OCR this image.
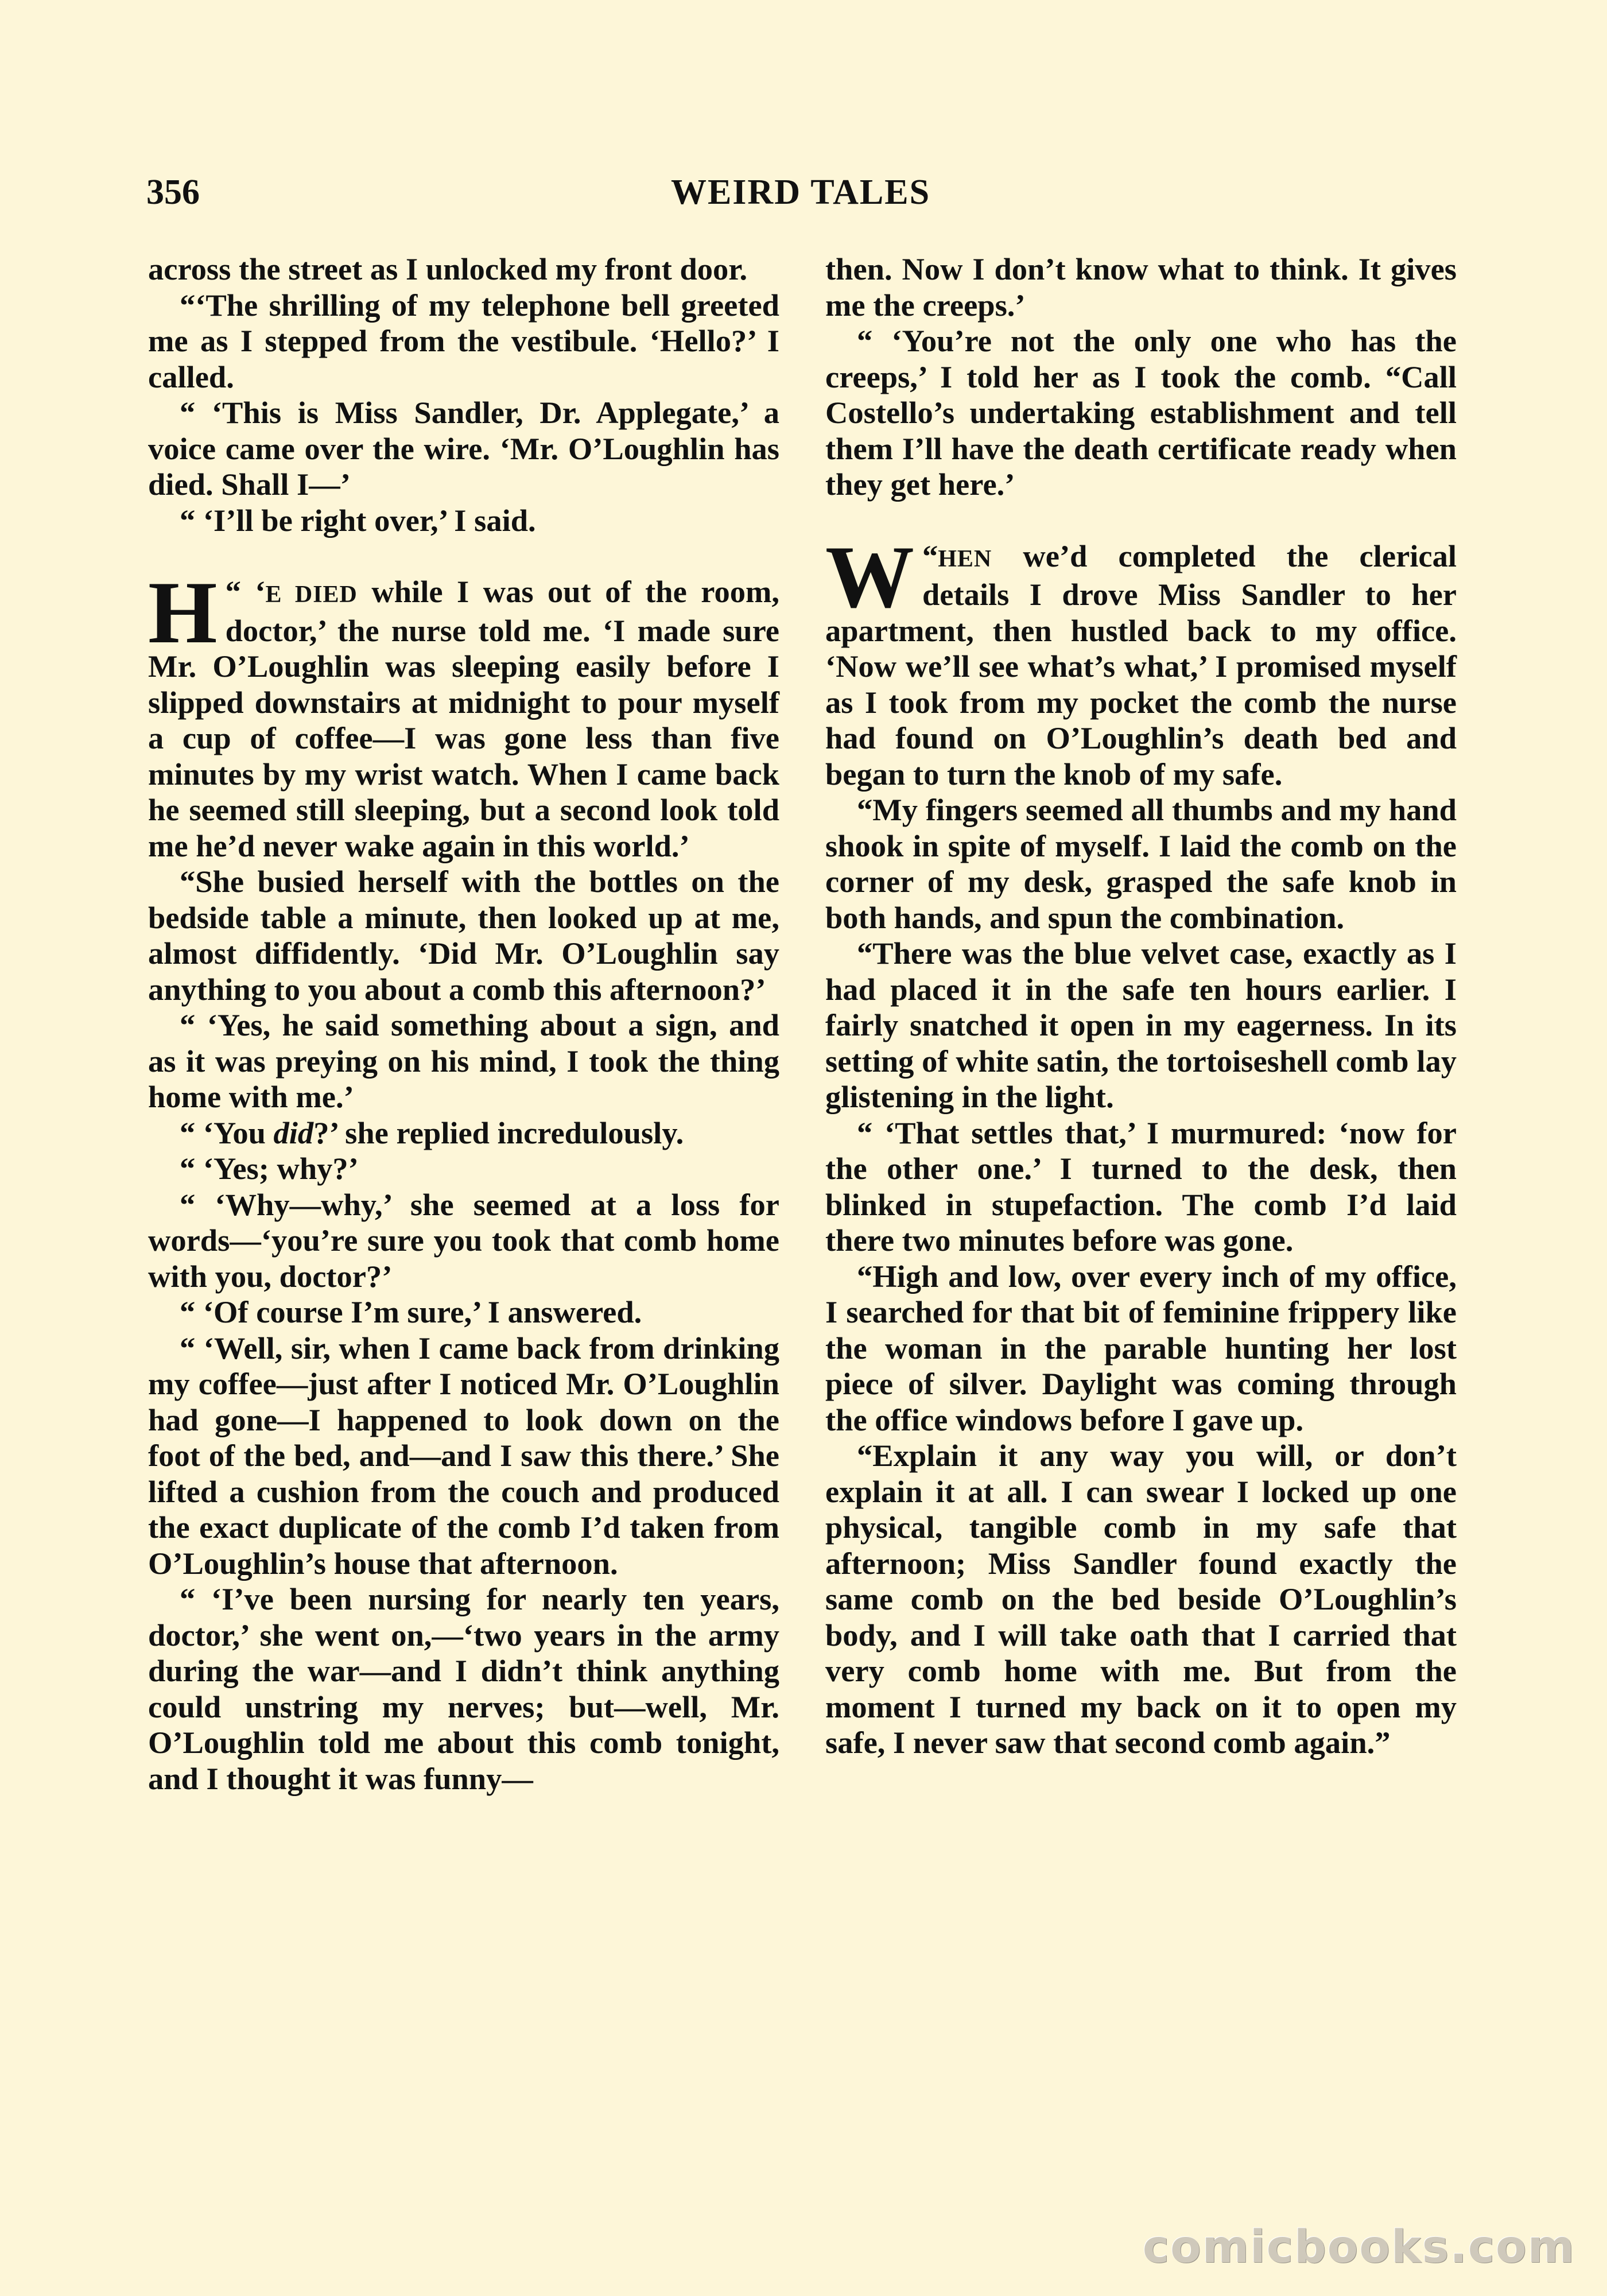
356	WEIRD TALES

across the street as I unlocked my front door.

“‘The shrilling of my telephone bell greeted me as I stepped from the vestibule. ‘Hello?’ I called.

“ ‘This is Miss Sandler, Dr. Applegate,’ a voice came over the wire. ‘Mr. O’Loughlin has died. Shall I—’

“ ‘I’ll be right over,’ I said.

“ ‘
H E DIED while I was out of the room, doctor,’ the nurse told me. ‘I made sure Mr. O’Loughlin was sleeping easily before I slipped downstairs at midnight to pour myself a cup of coffee—I was gone less than five minutes by my wrist watch. When I came back he seemed still sleeping, but a second look told me he’d never wake again in this world.’

“She busied herself with the bottles on the bedside table a minute, then looked up at me, almost diffidently. ‘Did Mr. O’Loughlin say anything to you about a comb this afternoon?’

“ ‘Yes, he said something about a sign, and as it was preying on his mind, I took the thing home with me.’

“ ‘You did?’ she replied incredulously.

“ ‘Yes; why?’

“ ‘Why—why,’ she seemed at a loss for words—‘you’re sure you took that comb home with you, doctor?’

“ ‘Of course I’m sure,’ I answered.

“ ‘Well, sir, when I came back from drinking my coffee—just after I noticed Mr. O’Loughlin had gone—I happened to look down on the foot of the bed, and—and I saw this there.’ She lifted a cushion from the couch and produced the exact duplicate of the comb I’d taken from O’Loughlin’s house that afternoon.

“ ‘I’ve been nursing for nearly ten years, doctor,’ she went on,—‘two years in the army during the war—and I didn’t think anything could unstring my nerves; but—well, Mr. O’Loughlin told me about this comb tonight, and I thought it was funny—

then. Now I don’t know what to think. It gives me the creeps.’

“ ‘You’re not the only one who has the creeps,’ I told her as I took the comb. “Call Costello’s undertaking establishment and tell them I’ll have the death certificate ready when they get here.’

“
W HEN we’d completed the clerical details I drove Miss Sandler to her apartment, then hustled back to my office. ‘Now we’ll see what’s what,’ I promised myself as I took from my pocket the comb the nurse had found on O’Loughlin’s death bed and began to turn the knob of my safe.

“My fingers seemed all thumbs and my hand shook in spite of myself. I laid the comb on the corner of my desk, grasped the safe knob in both hands, and spun the combination.

“There was the blue velvet case, exactly as I had placed it in the safe ten hours earlier. I fairly snatched it open in my eagerness. In its setting of white satin, the tortoiseshell comb lay glistening in the light.

“ ‘That settles that,’ I murmured: ‘now for the other one.’ I turned to the desk, then blinked in stupefaction. The comb I’d laid there two minutes before was gone.

“High and low, over every inch of my office, I searched for that bit of feminine frippery like the woman in the parable hunting her lost piece of silver. Daylight was coming through the office windows before I gave up.

“Explain it any way you will, or don’t explain it at all. I can swear I locked up one physical, tangible comb in my safe that afternoon; Miss Sandler found exactly the same comb on the bed beside O’Loughlin’s body, and I will take oath that I carried that very comb home with me. But from the moment I turned my back on it to open my safe, I never saw that second comb again.”

comicbooks.com
